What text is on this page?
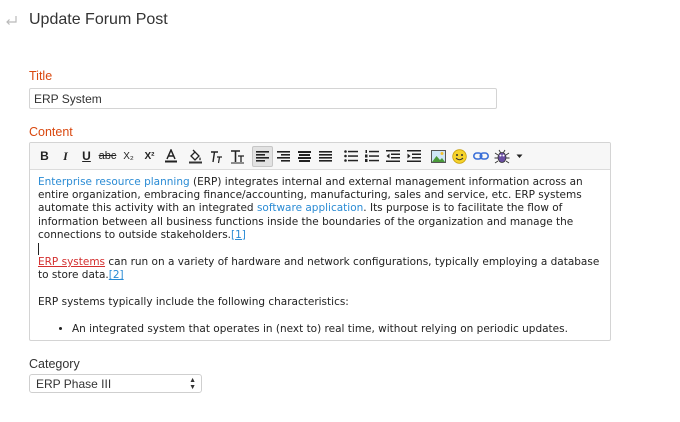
Update Forum Post
Title
ERP System
Content
B	I	U abc X₂	X²

Enterprise resource planning (ERP) integrates internal and external management information across an entire organization, embracing finance/accounting, manufacturing, sales and service, etc. ERP systems automate this activity with an integrated software application. Its purpose is to facilitate the flow of information between all business functions inside the boundaries of the organization and manage the connections to outside stakeholders.[1]

ERP systems can run on a variety of hardware and network configurations, typically employing a database to store data.[2]

ERP systems typically include the following characteristics:

• An integrated system that operates in (next to) real time, without relying on periodic updates.
Category
ERP Phase III	▲
▼
